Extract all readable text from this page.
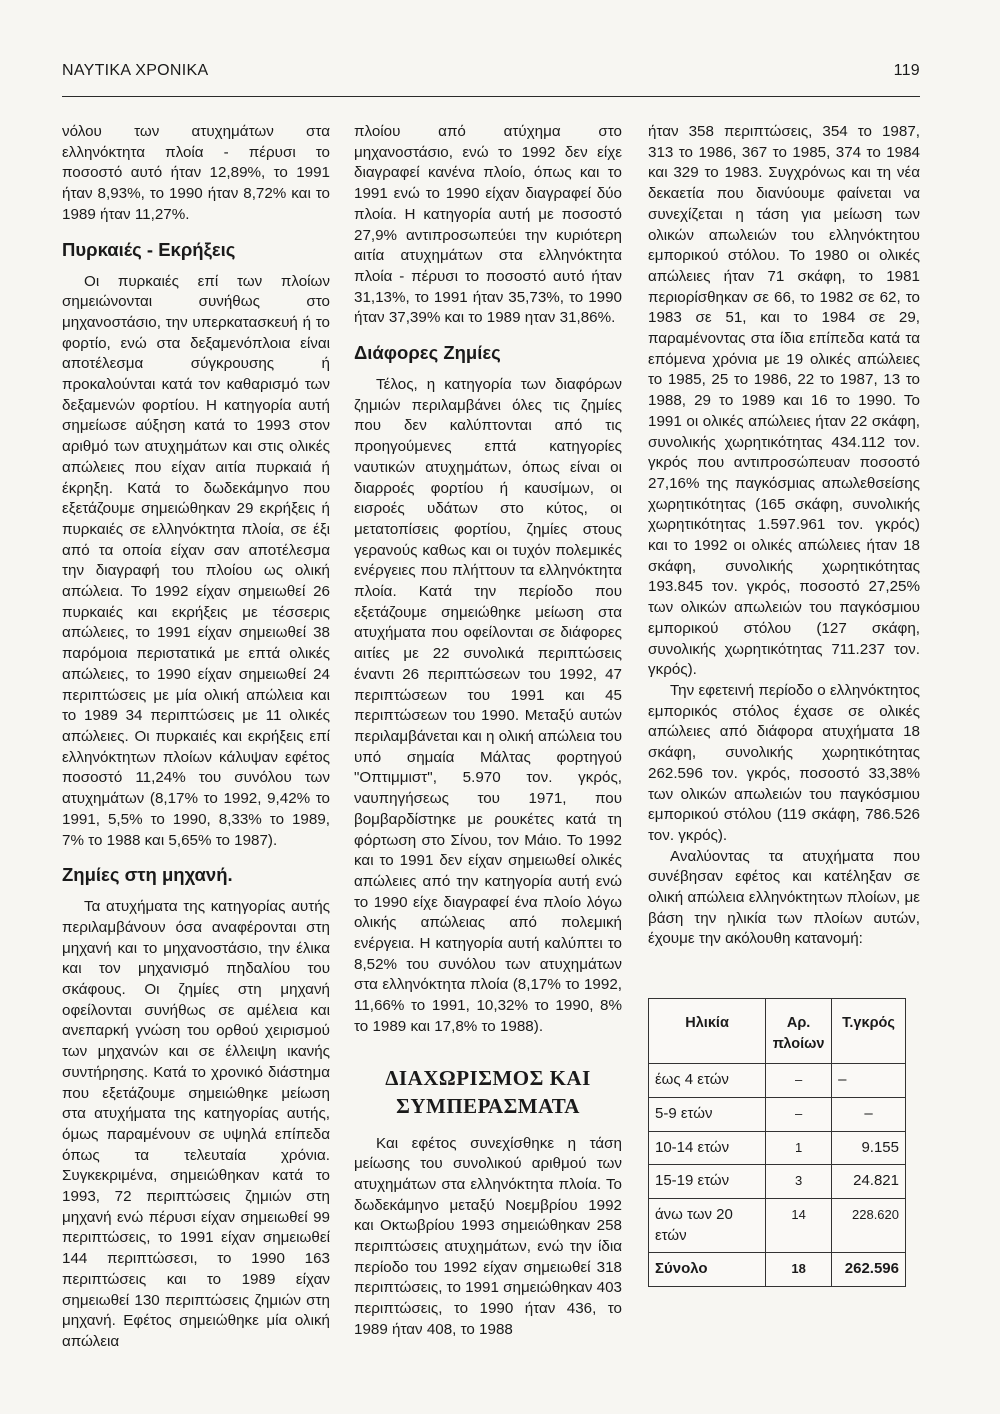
ΝΑΥΤΙΚΑ ΧΡΟΝΙΚΑ	119

νόλου των ατυχημάτων στα ελληνόκτητα πλοία - πέρυσι το ποσοστό αυτό ήταν 12,89%, το 1991 ήταν 8,93%, το 1990 ήταν 8,72% και το 1989 ήταν 11,27%.

Πυρκαιές - Εκρήξεις

Οι πυρκαιές επί των πλοίων σημειώνονται συνήθως στο μηχανοστάσιο, την υπερκατασκευή ή το φορτίο, ενώ στα δεξαμενόπλοια είναι αποτέλεσμα σύγκρουσης ή προκαλούνται κατά τον καθαρισμό των δεξαμενών φορτίου. Η κατηγορία αυτή σημείωσε αύξηση κατά το 1993 στον αριθμό των ατυχημάτων και στις ολικές απώλειες που είχαν αιτία πυρκαιά ή έκρηξη. Κατά το δωδεκάμηνο που εξετάζουμε σημειώθηκαν 29 εκρήξεις ή πυρκαιές σε ελληνόκτητα πλοία, σε έξι από τα οποία είχαν σαν αποτέλεσμα την διαγραφή του πλοίου ως ολική απώλεια. Το 1992 είχαν σημειωθεί 26 πυρκαιές και εκρήξεις με τέσσερις απώλειες, το 1991 είχαν σημειωθεί 38 παρόμοια περιστατικά με επτά ολικές απώλειες, το 1990 είχαν σημειωθεί 24 περιπτώσεις με μία ολική απώλεια και το 1989 34 περιπτώσεις με 11 ολικές απώλειες. Οι πυρκαιές και εκρήξεις επί ελληνόκτητων πλοίων κάλυψαν εφέτος ποσοστό 11,24% του συνόλου των ατυχημάτων (8,17% το 1992, 9,42% το 1991, 5,5% το 1990, 8,33% το 1989, 7% το 1988 και 5,65% το 1987).

Ζημίες στη μηχανή.

Τα ατυχήματα της κατηγορίας αυτής περιλαμβάνουν όσα αναφέρονται στη μηχανή και το μηχανοστάσιο, την έλικα και τον μηχανισμό πηδαλίου του σκάφους. Οι ζημίες στη μηχανή οφείλονται συνήθως σε αμέλεια και ανεπαρκή γνώση του ορθού χειρισμού των μηχανών και σε έλλειψη ικανής συντήρησης. Κατά το χρονικό διάστημα που εξετάζουμε σημειώθηκε μείωση στα ατυχήματα της κατηγορίας αυτής, όμως παραμένουν σε υψηλά επίπεδα όπως τα τελευταία χρόνια. Συγκεκριμένα, σημειώθηκαν κατά το 1993, 72 περιπτώσεις ζημιών στη μηχανή ενώ πέρυσι είχαν σημειωθεί 99 περιπτώσεις, το 1991 είχαν σημειωθεί 144 περιπτώσεσι, το 1990 163 περιπτώσεις και το 1989 είχαν σημειωθεί 130 περιπτώσεις ζημιών στη μηχανή. Εφέτος σημειώθηκε μία ολική απώλεια

πλοίου από ατύχημα στο μηχανοστάσιο, ενώ το 1992 δεν είχε διαγραφεί κανένα πλοίο, όπως και το 1991 ενώ το 1990 είχαν διαγραφεί δύο πλοία. Η κατηγορία αυτή με ποσοστό 27,9% αντιπροσωπεύει την κυριότερη αιτία ατυχημάτων στα ελληνόκτητα πλοία - πέρυσι το ποσοστό αυτό ήταν 31,13%, το 1991 ήταν 35,73%, το 1990 ήταν 37,39% και το 1989 ηταν 31,86%.

Διάφορες Ζημίες

Τέλος, η κατηγορία των διαφόρων ζημιών περιλαμβάνει όλες τις ζημίες που δεν καλύπτονται από τις προηγούμενες επτά κατηγορίες ναυτικών ατυχημάτων, όπως είναι οι διαρροές φορτίου ή καυσίμων, οι εισροές υδάτων στο κύτος, οι μετατοπίσεις φορτίου, ζημίες στους γερανούς καθως και οι τυχόν πολεμικές ενέργειες που πλήττουν τα ελληνόκτητα πλοία. Κατά την περίοδο που εξετάζουμε σημειώθηκε μείωση στα ατυχήματα που οφείλονται σε διάφορες αιτίες με 22 συνολικά περιπτώσεις έναντι 26 περιπτώσεων του 1992, 47 περιπτώσεων του 1991 και 45 περιπτώσεων του 1990. Μεταξύ αυτών περιλαμβάνεται και η ολική απώλεια του υπό σημαία Μάλτας φορτηγού "Οπτιμμιστ", 5.970 τον. γκρός, ναυπηγήσεως του 1971, που βομβαρδίστηκε με ρουκέτες κατά τη φόρτωση στο Σίνου, τον Μάιο. Το 1992 και το 1991 δεν είχαν σημειωθεί ολικές απώλειες από την κατηγορία αυτή ενώ το 1990 είχε διαγραφεί ένα πλοίο λόγω ολικής απώλειας από πολεμική ενέργεια. Η κατηγορία αυτή καλύπτει το 8,52% του συνόλου των ατυχημάτων στα ελληνόκτητα πλοία (8,17% το 1992, 11,66% το 1991, 10,32% το 1990, 8% το 1989 και 17,8% το 1988).

ΔΙΑΧΩΡΙΣΜΟΣ ΚΑΙ ΣΥΜΠΕΡΑΣΜΑΤΑ

Και εφέτος συνεχίσθηκε η τάση μείωσης του συνολικού αριθμού των ατυχημάτων στα ελληνόκτητα πλοία. Το δωδεκάμηνο μεταξύ Νοεμβρίου 1992 και Οκτωβρίου 1993 σημειώθηκαν 258 περιπτώσεις ατυχημάτων, ενώ την ίδια περίοδο του 1992 είχαν σημειωθεί 318 περιπτώσεις, το 1991 σημειώθηκαν 403 περιπτώσεις, το 1990 ήταν 436, το 1989 ήταν 408, το 1988

ήταν 358 περιπτώσεις, 354 το 1987, 313 το 1986, 367 το 1985, 374 το 1984 και 329 το 1983. Συγχρόνως και τη νέα δεκαετία που διανύουμε φαίνεται να συνεχίζεται η τάση για μείωση των ολικών απωλειών του ελληνόκτητου εμπορικού στόλου. Το 1980 οι ολικές απώλειες ήταν 71 σκάφη, το 1981 περιορίσθηκαν σε 66, το 1982 σε 62, το 1983 σε 51, και το 1984 σε 29, παραμένοντας στα ίδια επίπεδα κατά τα επόμενα χρόνια με 19 ολικές απώλειες το 1985, 25 το 1986, 22 το 1987, 13 το 1988, 29 το 1989 και 16 το 1990. Το 1991 οι ολικές απώλειες ήταν 22 σκάφη, συνολικής χωρητικότητας 434.112 τον. γκρός που αντιπροσώπευαν ποσοστό 27,16% της παγκόσμιας απωλεθσείσης χωρητικότητας (165 σκάφη, συνολικής χωρητικότητας 1.597.961 τον. γκρός) και το 1992 οι ολικές απώλειες ήταν 18 σκάφη, συνολικής χωρητικότητας 193.845 τον. γκρός, ποσοστό 27,25% των ολικών απωλειών του παγκόσμιου εμπορικού στόλου (127 σκάφη, συνολικής χωρητικότητας 711.237 τον. γκρός).

Την εφετεινή περίοδο ο ελληνόκτητος εμπορικός στόλος έχασε σε ολικές απώλειες από διάφορα ατυχήματα 18 σκάφη, συνολικής χωρητικότητας 262.596 τον. γκρός, ποσοστό 33,38% των ολικών απωλειών του παγκόσμιου εμπορικού στόλου (119 σκάφη, 786.526 τον. γκρός).

Αναλύοντας τα ατυχήματα που συνέβησαν εφέτος και κατέληξαν σε ολική απώλεια ελληνόκτητων πλοίων, με βάση την ηλικία των πλοίων αυτών, έχουμε την ακόλουθη κατανομή:

Ηλικία	Αρ. πλοίων	Τ.γκρός
έως 4 ετών	–	–
5-9 ετών	–	–
10-14 ετών	1	9.155
15-19 ετών	3	24.821
άνω των 20 ετών	14	228.620
Σύνολο	18	262.596
